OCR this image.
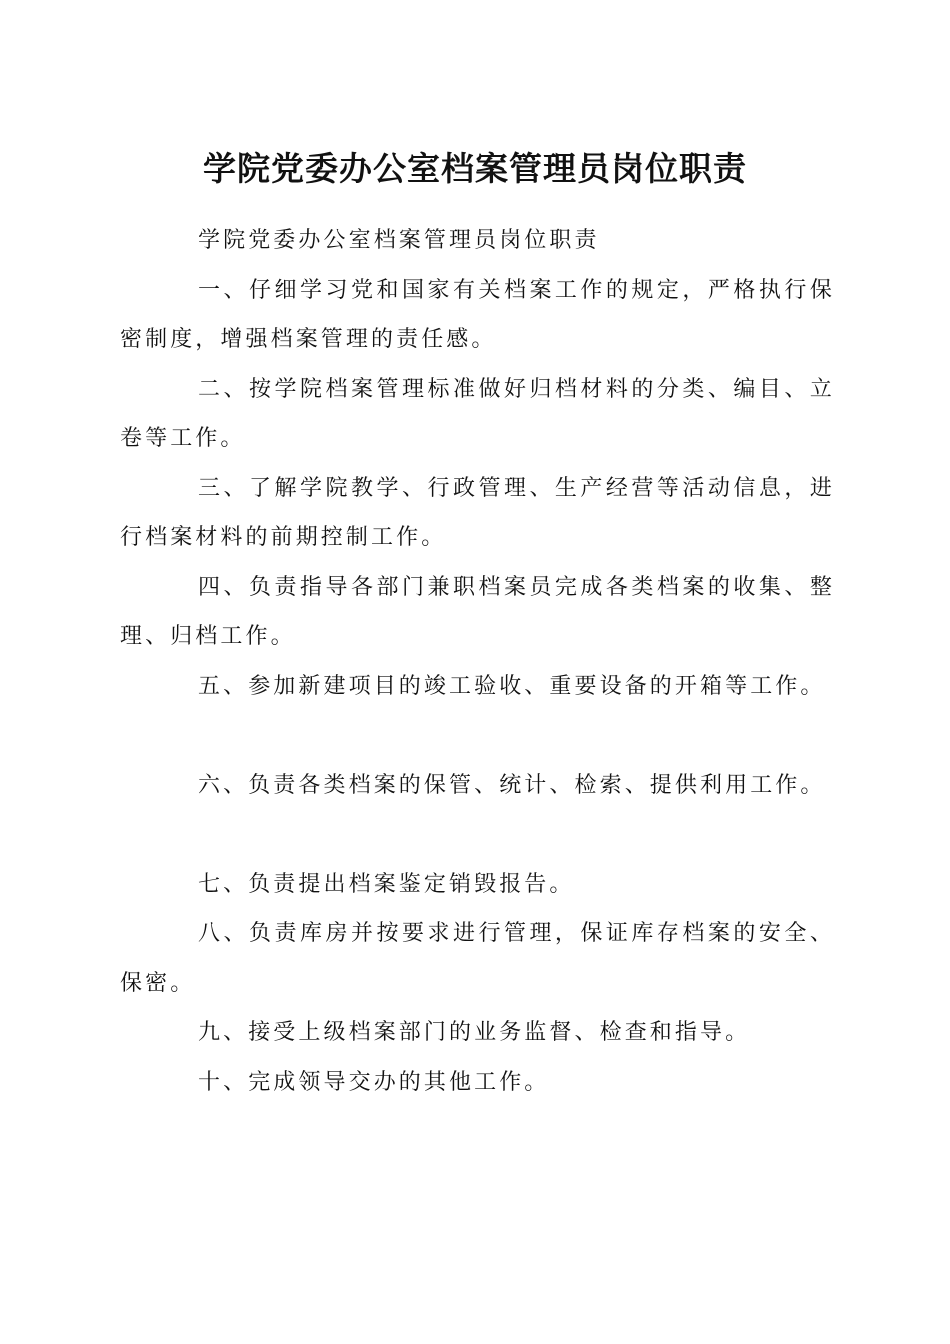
学院党委办公室档案管理员岗位职责

学院党委办公室档案管理员岗位职责

一、仔细学习党和国家有关档案工作的规定，严格执行保密制度，增强档案管理的责任感。

二、按学院档案管理标准做好归档材料的分类、编目、立卷等工作。

三、了解学院教学、行政管理、生产经营等活动信息，进行档案材料的前期控制工作。

四、负责指导各部门兼职档案员完成各类档案的收集、整理、归档工作。

五、参加新建项目的竣工验收、重要设备的开箱等工作。

六、负责各类档案的保管、统计、检索、提供利用工作。

七、负责提出档案鉴定销毁报告。

八、负责库房并按要求进行管理，保证库存档案的安全、保密。

九、接受上级档案部门的业务监督、检查和指导。

十、完成领导交办的其他工作。
